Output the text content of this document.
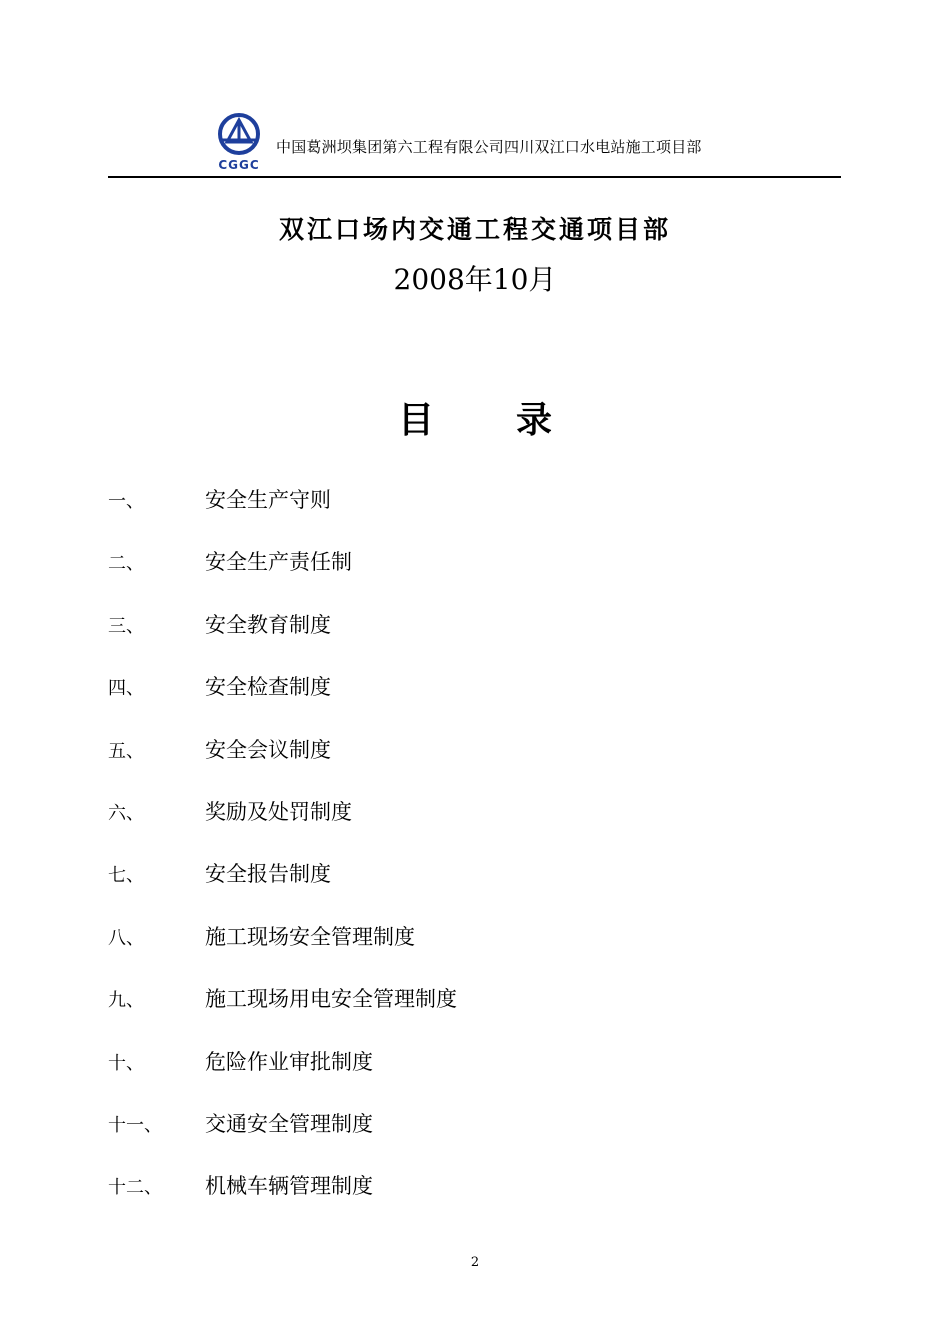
CGGC
中国葛洲坝集团第六工程有限公司四川双江口水电站施工项目部
双江口场内交通工程交通项目部
2008年10月
目 录
一、	安全生产守则
二、	安全生产责任制
三、	安全教育制度
四、	安全检查制度
五、	安全会议制度
六、	奖励及处罚制度
七、	安全报告制度
八、	施工现场安全管理制度
九、	施工现场用电安全管理制度
十、	危险作业审批制度
十一、	交通安全管理制度
十二、	机械车辆管理制度
2
